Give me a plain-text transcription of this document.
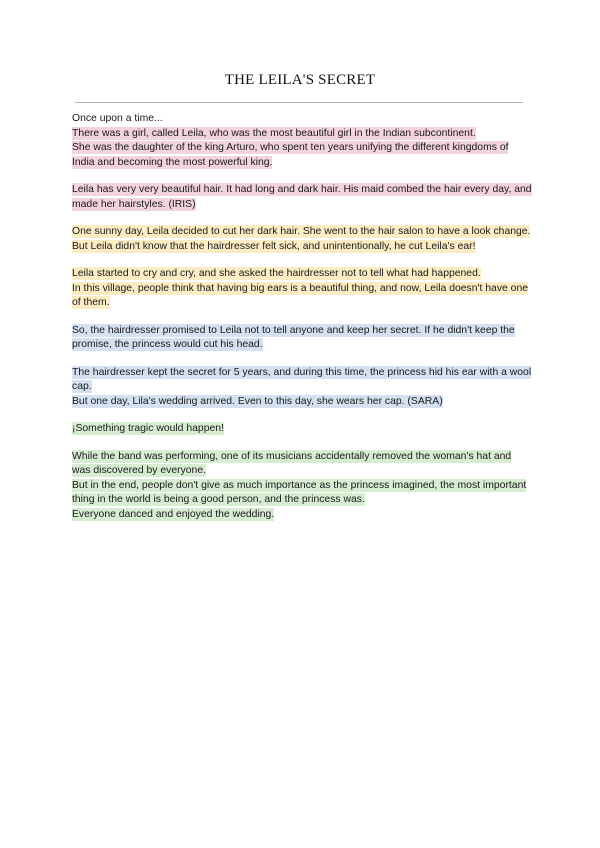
THE LEILA'S SECRET
Once upon a time...
There was a girl, called Leila, who was the most beautiful girl in the Indian subcontinent.
She was the daughter of the king Arturo, who spent ten years unifying the different kingdoms of India and becoming the most powerful king.
Leila has very very beautiful hair. It had long and dark hair. His maid combed the hair every day, and made her hairstyles. (IRIS)
One sunny day, Leila decided to cut her dark hair. She went to the hair salon to have a look change. But Leila didn't know that the hairdresser felt sick, and unintentionally, he cut Leila's ear!
Leila started to cry and cry, and she asked the hairdresser not to tell what had happened.
In this village, people think that having big ears is a beautiful thing, and now, Leila doesn't have one of them.
So, the hairdresser promised to Leila not to tell anyone and keep her secret. If he didn't keep the promise, the princess would cut his head.
The hairdresser kept the secret for 5 years, and during this time, the princess hid his ear with a wool cap.
But one day, Lila's wedding arrived. Even to this day, she wears her cap. (SARA)
¡Something tragic would happen!
While the band was performing, one of its musicians accidentally removed the woman's hat and was discovered by everyone.
But in the end, people don't give as much importance as the princess imagined, the most important thing in the world is being a good person, and the princess was.
Everyone danced and enjoyed the wedding.
